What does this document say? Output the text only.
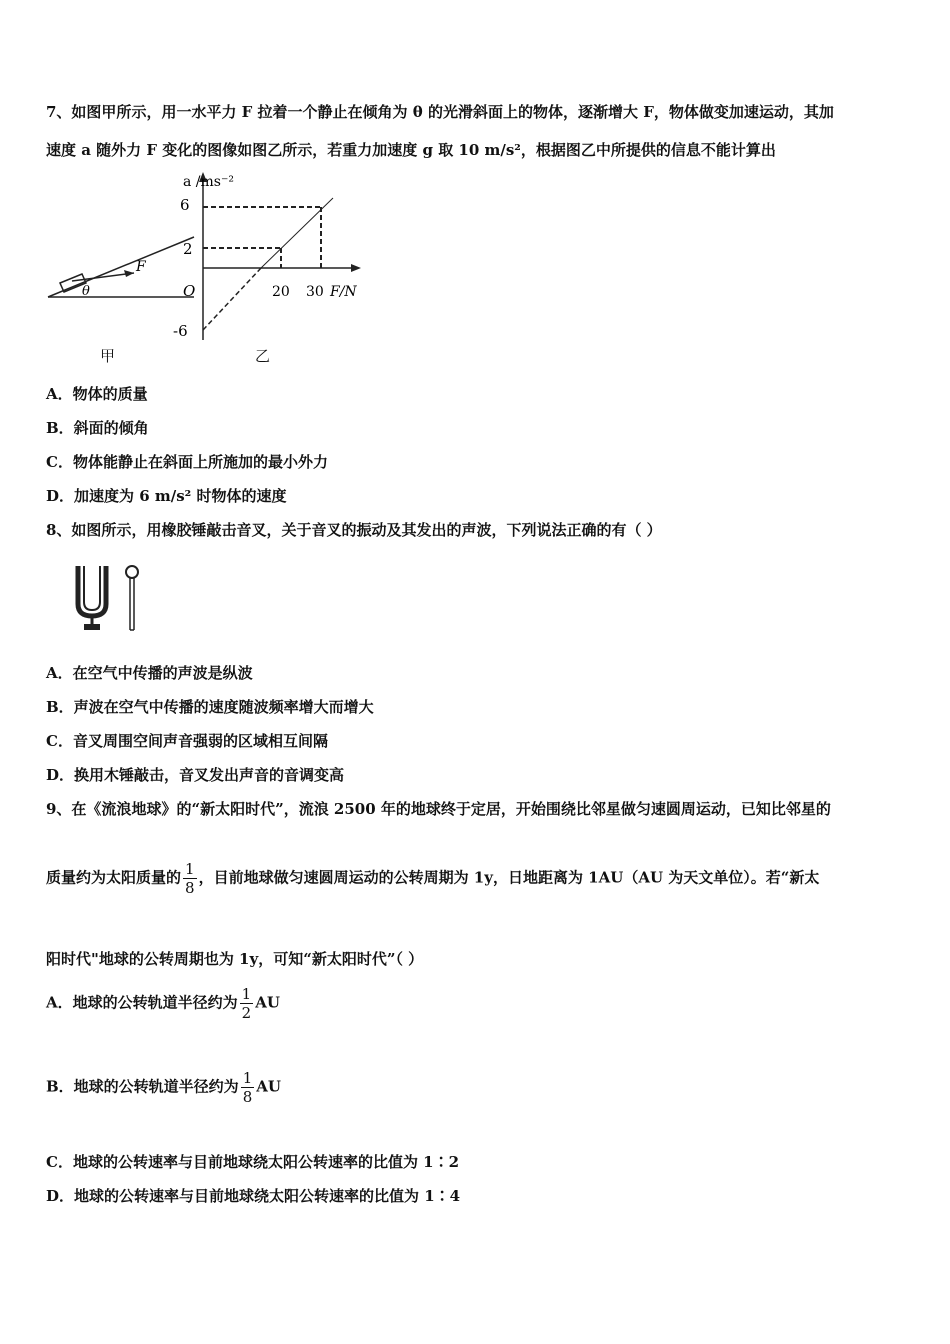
7、如图甲所示，用一水平力 F 拉着一个静止在倾角为 θ 的光滑斜面上的物体，逐渐增大 F，物体做变加速运动，其加
速度 a 随外力 F 变化的图像如图乙所示，若重力加速度 g 取 10 m/s²，根据图乙中所提供的信息不能计算出
F
θ
甲
a /ms⁻²
6
2
-6
O	20 30 F/N
乙
A．物体的质量
B．斜面的倾角
C．物体能静止在斜面上所施加的最小外力
D．加速度为 6 m/s² 时物体的速度
8、如图所示，用橡胶锤敲击音叉，关于音叉的振动及其发出的声波，下列说法正确的有（ ）
A．在空气中传播的声波是纵波
B．声波在空气中传播的速度随波频率增大而增大
C．音叉周围空间声音强弱的区域相互间隔
D．换用木锤敲击，音叉发出声音的音调变高
9、在《流浪地球》的“新太阳时代”，流浪 2500 年的地球终于定居，开始围绕比邻星做匀速圆周运动，已知比邻星的
质量约为太阳质量的 $\frac{1}{8}$ ，目前地球做匀速圆周运动的公转周期为 1y，日地距离为 1AU（AU 为天文单位）。若“新太
阳时代"地球的公转周期也为 1y，可知“新太阳时代”（ ）
A．地球的公转轨道半径约为 $\frac{1}{2}$ AU
B．地球的公转轨道半径约为 $\frac{1}{8}$ AU
C．地球的公转速率与目前地球绕太阳公转速率的比值为 1∶2
D．地球的公转速率与目前地球绕太阳公转速率的比值为 1∶4
